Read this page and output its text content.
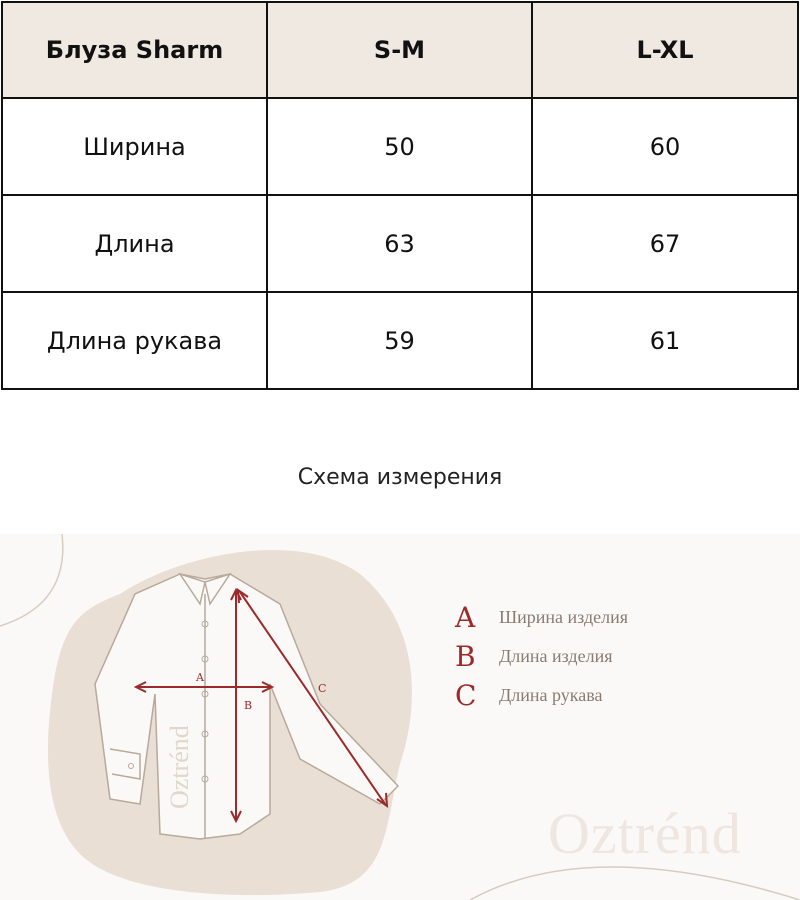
Блуза Sharm	S-M	L-XL
Ширина	50	60
Длина	63	67
Длина рукава	59	61
Схема измерения
Oztrénd
A
B
C
A	Ширина изделия
B	Длина изделия
C	Длина рукава
Oztrénd
